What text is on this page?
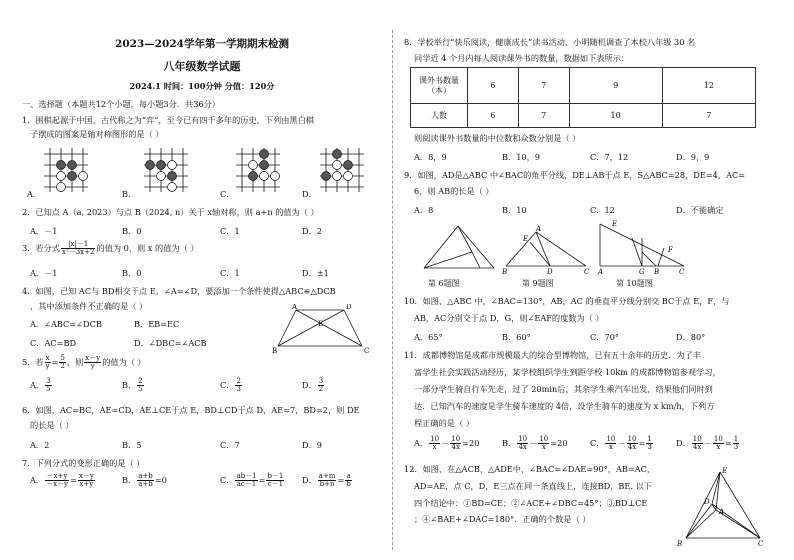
2023—2024学年第一学期期末检测
八年级数学试题
2024.1 时间：100分钟 分值：120分
一、选择题（本题共12个小题，每小题3分．共36分）
1．围棋起源于中国，古代称之为“弈”，至今已有四千多年的历史，下列由黑白棋
子摆成的图案是轴对称图形的是（ ）
A．	B．	C．	D．
2．已知点 A（a, 2023）与点 B（2024, n）关于 x轴对称，则 a+n 的值为（ ）
A．－1	B．0	C．1	D．2
3．若分式 $\frac{|x|-1}{\text{x²－3x+2}}$ 的值为 0，则 x 的值为（ ）
A．－1	B．0	C．1	D．±1
4．如图，已知 AC与 BD相交于点 E，∠A=∠D，要添加一个条件使得△ABC≌△DCB
，其中添加条件不正确的是（ ）
A．∠ABC=∠DCB	B．EB=EC
C．AC=BD	D．∠DBC=∠ACB
A	D
E
B	C
5．若 $\frac{x}{y} = \frac{5}{2}$ ，则 $\frac{x-y}{y}$ 的值为（ ）
A． $\frac{3}{5}$	B． $\frac{2}{5}$	C． $\frac{2}{3}$	D． $\frac{3}{2}$
6．如图，AC=BC，AE=CD，AE⊥CE于点 E，BD⊥CD于点 D，AE=7，BD=2，则 DE
的长是（ ）
A．2	B．5	C．7	D．9
7．下列分式的变形正确的是（ ）
A． $\frac{-x+y}{-x-y} = \frac{x-y}{x+y}$	B． $\frac{a+b}{a+b} =0$	C． $\frac{ab-1}{ac-1} = \frac{b-1}{c-1}$ D． $\frac{a+m}{b+n} = \frac{a}{b}$
8．学校举行“快乐阅读，健康成长”读书活动，小明随机调查了本校八年级 30 名
同学近 4 个月内每人阅读课外书的数量，数据如下表所示：
课外书数量
（本）	6	7	9	12
人数	6	7	10	7
则阅读课外书数量的中位数和众数分别是（ ）
A．8，9	B．10，9	C．7，12	D．9，9
9．如图，AD是△ABC 中∠BAC的角平分线，DE⊥AB于点 E，S△ABC=28，DE=4，AC=
6，则 AB的长是（ ）
A．8	B．10	C．12	D．不能确定
A
E
B	D	C
E
F
A	G B	C
第 6题图	第 9题图	第 10题图
10．如图，△ABC 中，∠BAC=130°，AB，AC 的垂直平分线分别交 BC于点 E，F，与
AB，AC分别交于点 D，G，则∠EAF的度数为（ ）
A．65°	B．60°	C．70°	D．80°
11．成都博物馆是成都市规模最大的综合型博物馆，已有五十余年的历史．为了丰
富学生社会实践活动经历，某学校组织学生到距学校 10km 的成都博物馆参观学习，
一部分学生骑自行车先走，过了 20min后，其余学生乘汽车出发，结果他们同时到
达．已知汽车的速度是学生骑车速度的 4倍，设学生骑车的速度为 x km/h，下列方
程正确的是（ ）
A． $\frac{10}{x} - \frac{10}{4x} =20$	B． $\frac{10}{4x} - \frac{10}{x} =20$	C． $\frac{10}{x} - \frac{10}{4x} = \frac{1}{3}$	D． $\frac{10}{4x} - \frac{10}{x} = \frac{1}{3}$
12．如图，在△ACB，△ADE中，∠BAC=∠DAE=90°，AB=AC，
AD=AE，点 C，D，E三点在同一条直线上，连接BD，BE. 以下
四个结论中：①BD=CE；②∠ACE+∠DBC=45°；③BD⊥CE
；④∠BAE+∠DAC=180°．正确的个数是（ ）
E
D
A
B	C
